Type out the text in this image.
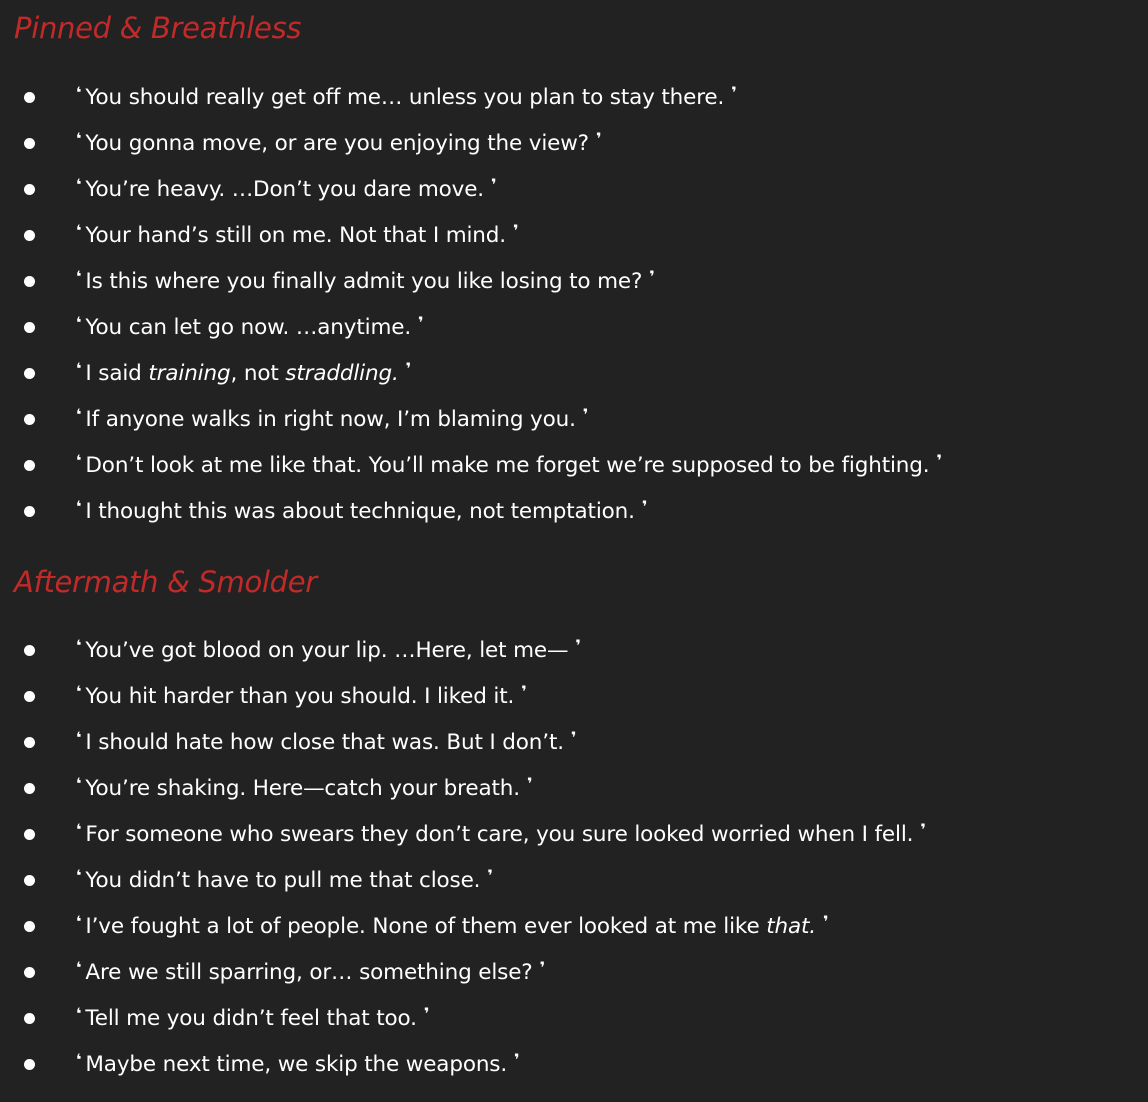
Pinned & Breathless
❛ You should really get off me… unless you plan to stay there. ❜
❛ You gonna move, or are you enjoying the view? ❜
❛ You’re heavy. …Don’t you dare move. ❜
❛ Your hand’s still on me. Not that I mind. ❜
❛ Is this where you finally admit you like losing to me? ❜
❛ You can let go now. …anytime. ❜
❛ I said training, not straddling. ❜
❛ If anyone walks in right now, I’m blaming you. ❜
❛ Don’t look at me like that. You’ll make me forget we’re supposed to be fighting. ❜
❛ I thought this was about technique, not temptation. ❜
Aftermath & Smolder
❛ You’ve got blood on your lip. …Here, let me— ❜
❛ You hit harder than you should. I liked it. ❜
❛ I should hate how close that was. But I don’t. ❜
❛ You’re shaking. Here—catch your breath. ❜
❛ For someone who swears they don’t care, you sure looked worried when I fell. ❜
❛ You didn’t have to pull me that close. ❜
❛ I’ve fought a lot of people. None of them ever looked at me like that. ❜
❛ Are we still sparring, or… something else? ❜
❛ Tell me you didn’t feel that too. ❜
❛ Maybe next time, we skip the weapons. ❜
